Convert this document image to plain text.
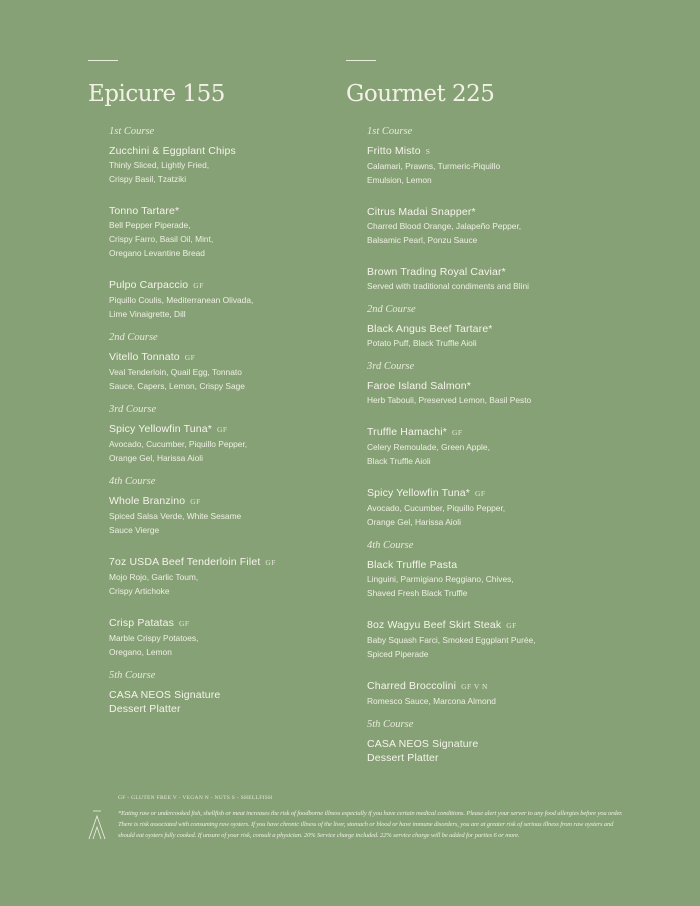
Epicure 155
1st Course
Zucchini & Eggplant Chips
Thinly Sliced, Lightly Fried,
Crispy Basil, Tzatziki
Tonno Tartare*
Bell Pepper Piperade,
Crispy Farro, Basil Oil, Mint,
Oregano Levantine Bread
Pulpo Carpaccio GF
Piquillo Coulis, Mediterranean Olivada,
Lime Vinaigrette, Dill
2nd Course
Vitello Tonnato GF
Veal Tenderloin, Quail Egg, Tonnato
Sauce, Capers, Lemon, Crispy Sage
3rd Course
Spicy Yellowfin Tuna* GF
Avocado, Cucumber, Piquillo Pepper,
Orange Gel, Harissa Aioli
4th Course
Whole Branzino GF
Spiced Salsa Verde, White Sesame
Sauce Vierge
7oz USDA Beef Tenderloin Filet GF
Mojo Rojo, Garlic Toum,
Crispy Artichoke
Crisp Patatas GF
Marble Crispy Potatoes,
Oregano, Lemon
5th Course
CASA NEOS Signature
Dessert Platter
Gourmet 225
1st Course
Fritto Misto S
Calamari, Prawns, Turmeric-Piquillo
Emulsion, Lemon
Citrus Madai Snapper*
Charred Blood Orange, Jalapeño Pepper,
Balsamic Pearl, Ponzu Sauce
Brown Trading Royal Caviar*
Served with traditional condiments and Blini
2nd Course
Black Angus Beef Tartare*
Potato Puff, Black Truffle Aioli
3rd Course
Faroe Island Salmon*
Herb Tabouli, Preserved Lemon, Basil Pesto
Truffle Hamachi* GF
Celery Remoulade, Green Apple,
Black Truffle Aioli
Spicy Yellowfin Tuna* GF
Avocado, Cucumber, Piquillo Pepper,
Orange Gel, Harissa Aioli
4th Course
Black Truffle Pasta
Linguini, Parmigiano Reggiano, Chives,
Shaved Fresh Black Truffle
8oz Wagyu Beef Skirt Steak GF
Baby Squash Farci, Smoked Eggplant Purée,
Spiced Piperade
Charred Broccolini GF V N
Romesco Sauce, Marcona Almond
5th Course
CASA NEOS Signature
Dessert Platter
GF - GLUTEN FREE V - VEGAN N - NUTS S - SHELLFISH
*Eating raw or undercooked fish, shellfish or meat increases the risk of foodborne illness especially if you have certain medical conditions. Please alert your server to any food allergies before you order. There is risk associated with consuming raw oysters. If you have chronic illness of the liver, stomach or blood or have immune disorders, you are at greater risk of serious illness from raw oysters and should eat oysters fully cooked. If unsure of your risk, consult a physician. 20% Service charge included. 22% service charge will be added for parties 6 or more.
